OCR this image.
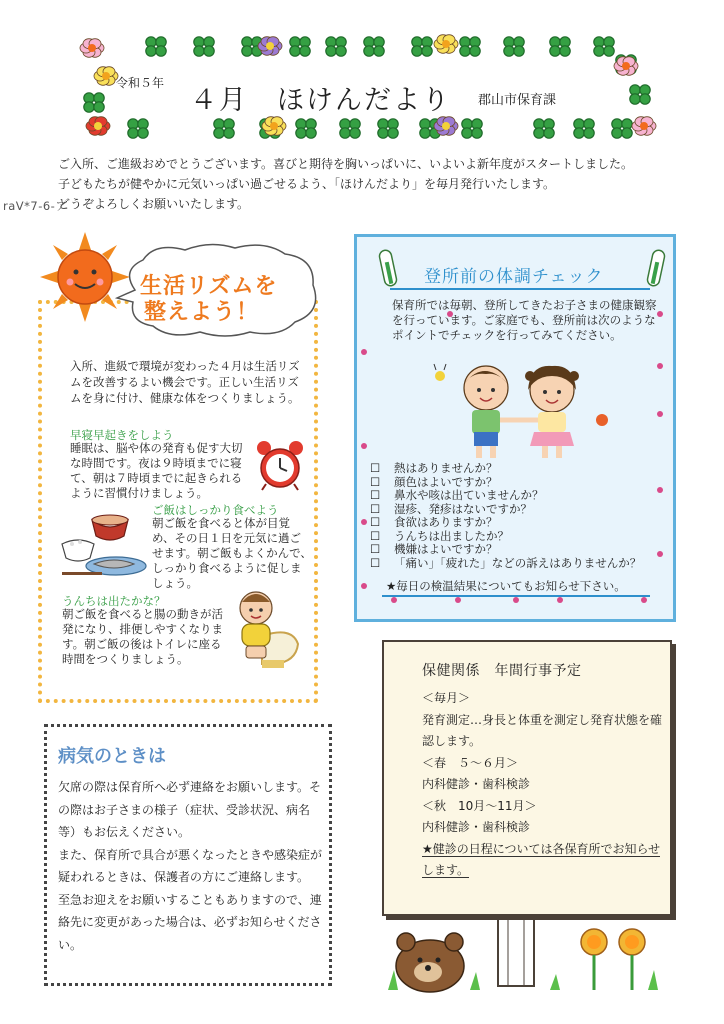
令和５年
４月　ほけんだより 郡山市保育課

ご入所、ご進級おめでとうございます。喜びと期待を胸いっぱいに、いよいよ新年度がスタートしました。

子どもたちが健やかに元気いっぱい過ごせるよう、「ほけんだより」を毎月発行いたします。

どうぞよろしくお願いいたします。

raV*7-6-ア
生活リズムを
整えよう！
入所、進級で環境が変わった４月は生活リズムを改善するよい機会です。正しい生活リズムを身に付け、健康な体をつくりましょう。
早寝早起きをしよう
睡眠は、脳や体の発育も促す大切な時間です。夜は９時頃までに寝て、朝は７時頃までに起きられるように習慣付けましょう。
ご飯はしっかり食べよう
朝ご飯を食べると体が目覚め、その日１日を元気に過ごせます。朝ご飯もよくかんで、しっかり食べるように促しましょう。
うんちは出たかな？
朝ご飯を食べると腸の動きが活発になり、排便しやすくなります。朝ご飯の後はトイレに座る時間をつくりましょう。
登所前の体調チェック
保育所では毎朝、登所してきたお子さまの健康観察を行っています。ご家庭でも、登所前は次のようなポイントでチェックを行ってみてください。
☐ 熱はありませんか？
☐ 顔色はよいですか？
☐ 鼻水や咳は出ていませんか？
☐ 湿疹、発疹はないですか？
☐ 食欲はありますか？
☐ うんちは出ましたか？
☐ 機嫌はよいですか？
☐ 「痛い」「疲れた」などの訴えはありませんか？
★毎日の検温結果についてもお知らせ下さい。
病気のときは

欠席の際は保育所へ必ず連絡をお願いします。その際はお子さまの様子（症状、受診状況、病名等）もお伝えください。

また、保育所で具合が悪くなったときや感染症が疑われるときは、保護者の方にご連絡します。

至急お迎えをお願いすることもありますので、連絡先に変更があった場合は、必ずお知らせください。

保健関係　年間行事予定

＜毎月＞

発育測定…身長と体重を測定し発育状態を確認します。

＜春　５～６月＞

内科健診・歯科検診

＜秋　10月～11月＞

内科健診・歯科検診

★健診の日程については各保育所でお知らせします。
